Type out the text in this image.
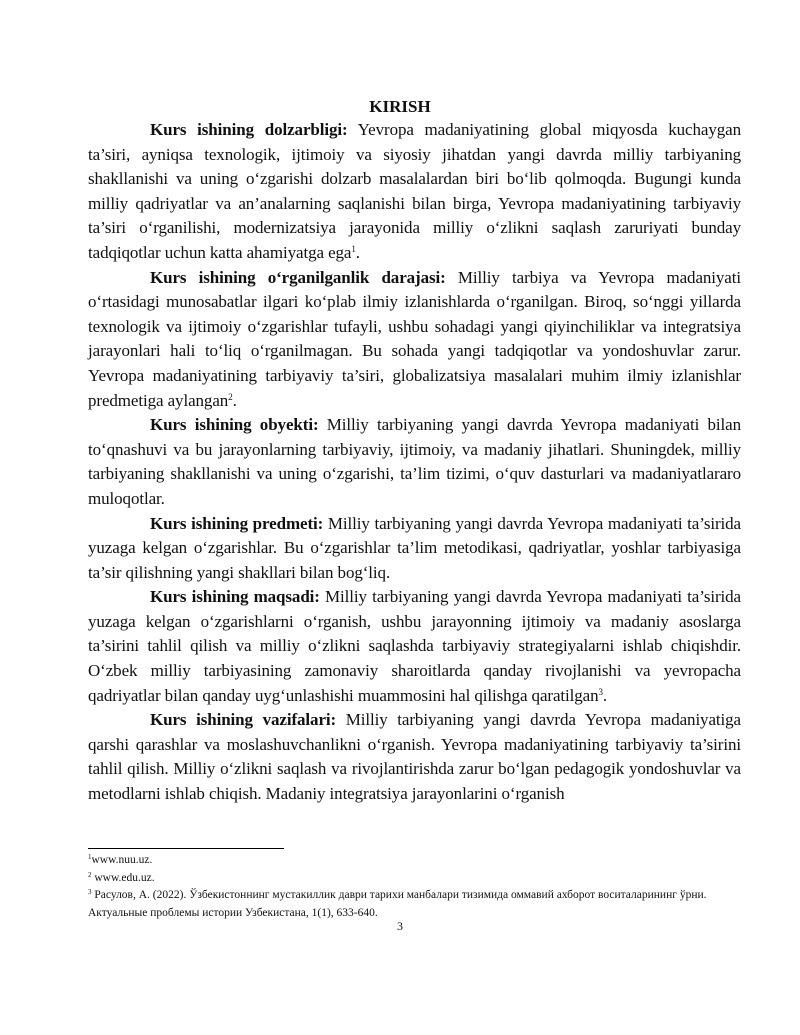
KIRISH

Kurs ishining dolzarbligi: Yevropa madaniyatining global miqyosda kuchaygan ta’siri, ayniqsa texnologik, ijtimoiy va siyosiy jihatdan yangi davrda milliy tarbiyaning shakllanishi va uning o‘zgarishi dolzarb masalalardan biri bo‘lib qolmoqda. Bugungi kunda milliy qadriyatlar va an’analarning saqlanishi bilan birga, Yevropa madaniyatining tarbiyaviy ta’siri o‘rganilishi, modernizatsiya jarayonida milliy o‘zlikni saqlash zaruriyati bunday tadqiqotlar uchun katta ahamiyatga ega$^1$.

Kurs ishining o‘rganilganlik darajasi: Milliy tarbiya va Yevropa madaniyati o‘rtasidagi munosabatlar ilgari ko‘plab ilmiy izlanishlarda o‘rganilgan. Biroq, so‘nggi yillarda texnologik va ijtimoiy o‘zgarishlar tufayli, ushbu sohadagi yangi qiyinchiliklar va integratsiya jarayonlari hali to‘liq o‘rganilmagan. Bu sohada yangi tadqiqotlar va yondoshuvlar zarur. Yevropa madaniyatining tarbiyaviy ta’siri, globalizatsiya masalalari muhim ilmiy izlanishlar predmetiga aylangan$^2$.

Kurs ishining obyekti: Milliy tarbiyaning yangi davrda Yevropa madaniyati bilan to‘qnashuvi va bu jarayonlarning tarbiyaviy, ijtimoiy, va madaniy jihatlari. Shuningdek, milliy tarbiyaning shakllanishi va uning o‘zgarishi, ta’lim tizimi, o‘quv dasturlari va madaniyatlararo muloqotlar.

Kurs ishining predmeti: Milliy tarbiyaning yangi davrda Yevropa madaniyati ta’sirida yuzaga kelgan o‘zgarishlar. Bu o‘zgarishlar ta’lim metodikasi, qadriyatlar, yoshlar tarbiyasiga ta’sir qilishning yangi shakllari bilan bog‘liq.

Kurs ishining maqsadi: Milliy tarbiyaning yangi davrda Yevropa madaniyati ta’sirida yuzaga kelgan o‘zgarishlarni o‘rganish, ushbu jarayonning ijtimoiy va madaniy asoslarga ta’sirini tahlil qilish va milliy o‘zlikni saqlashda tarbiyaviy strategiyalarni ishlab chiqishdir. O‘zbek milliy tarbiyasining zamonaviy sharoitlarda qanday rivojlanishi va yevropacha qadriyatlar bilan qanday uyg‘unlashishi muammosini hal qilishga qaratilgan$^3$.

Kurs ishining vazifalari: Milliy tarbiyaning yangi davrda Yevropa madaniyatiga qarshi qarashlar va moslashuvchanlikni o‘rganish. Yevropa madaniyatining tarbiyaviy ta’sirini tahlil qilish. Milliy o‘zlikni saqlash va rivojlantirishda zarur bo‘lgan pedagogik yondoshuvlar va metodlarni ishlab chiqish. Madaniy integratsiya jarayonlarini o‘rganish

$^1$www.nuu.uz.

$^2$ www.edu.uz.

$^3$ Расулов, А. (2022). Ўзбекистоннинг мустакиллик даври тарихи манбалари тизимида оммавий ахборот воситаларининг ўрни. Актуальные проблемы истории Узбекистана, 1(1), 633-640.

3
